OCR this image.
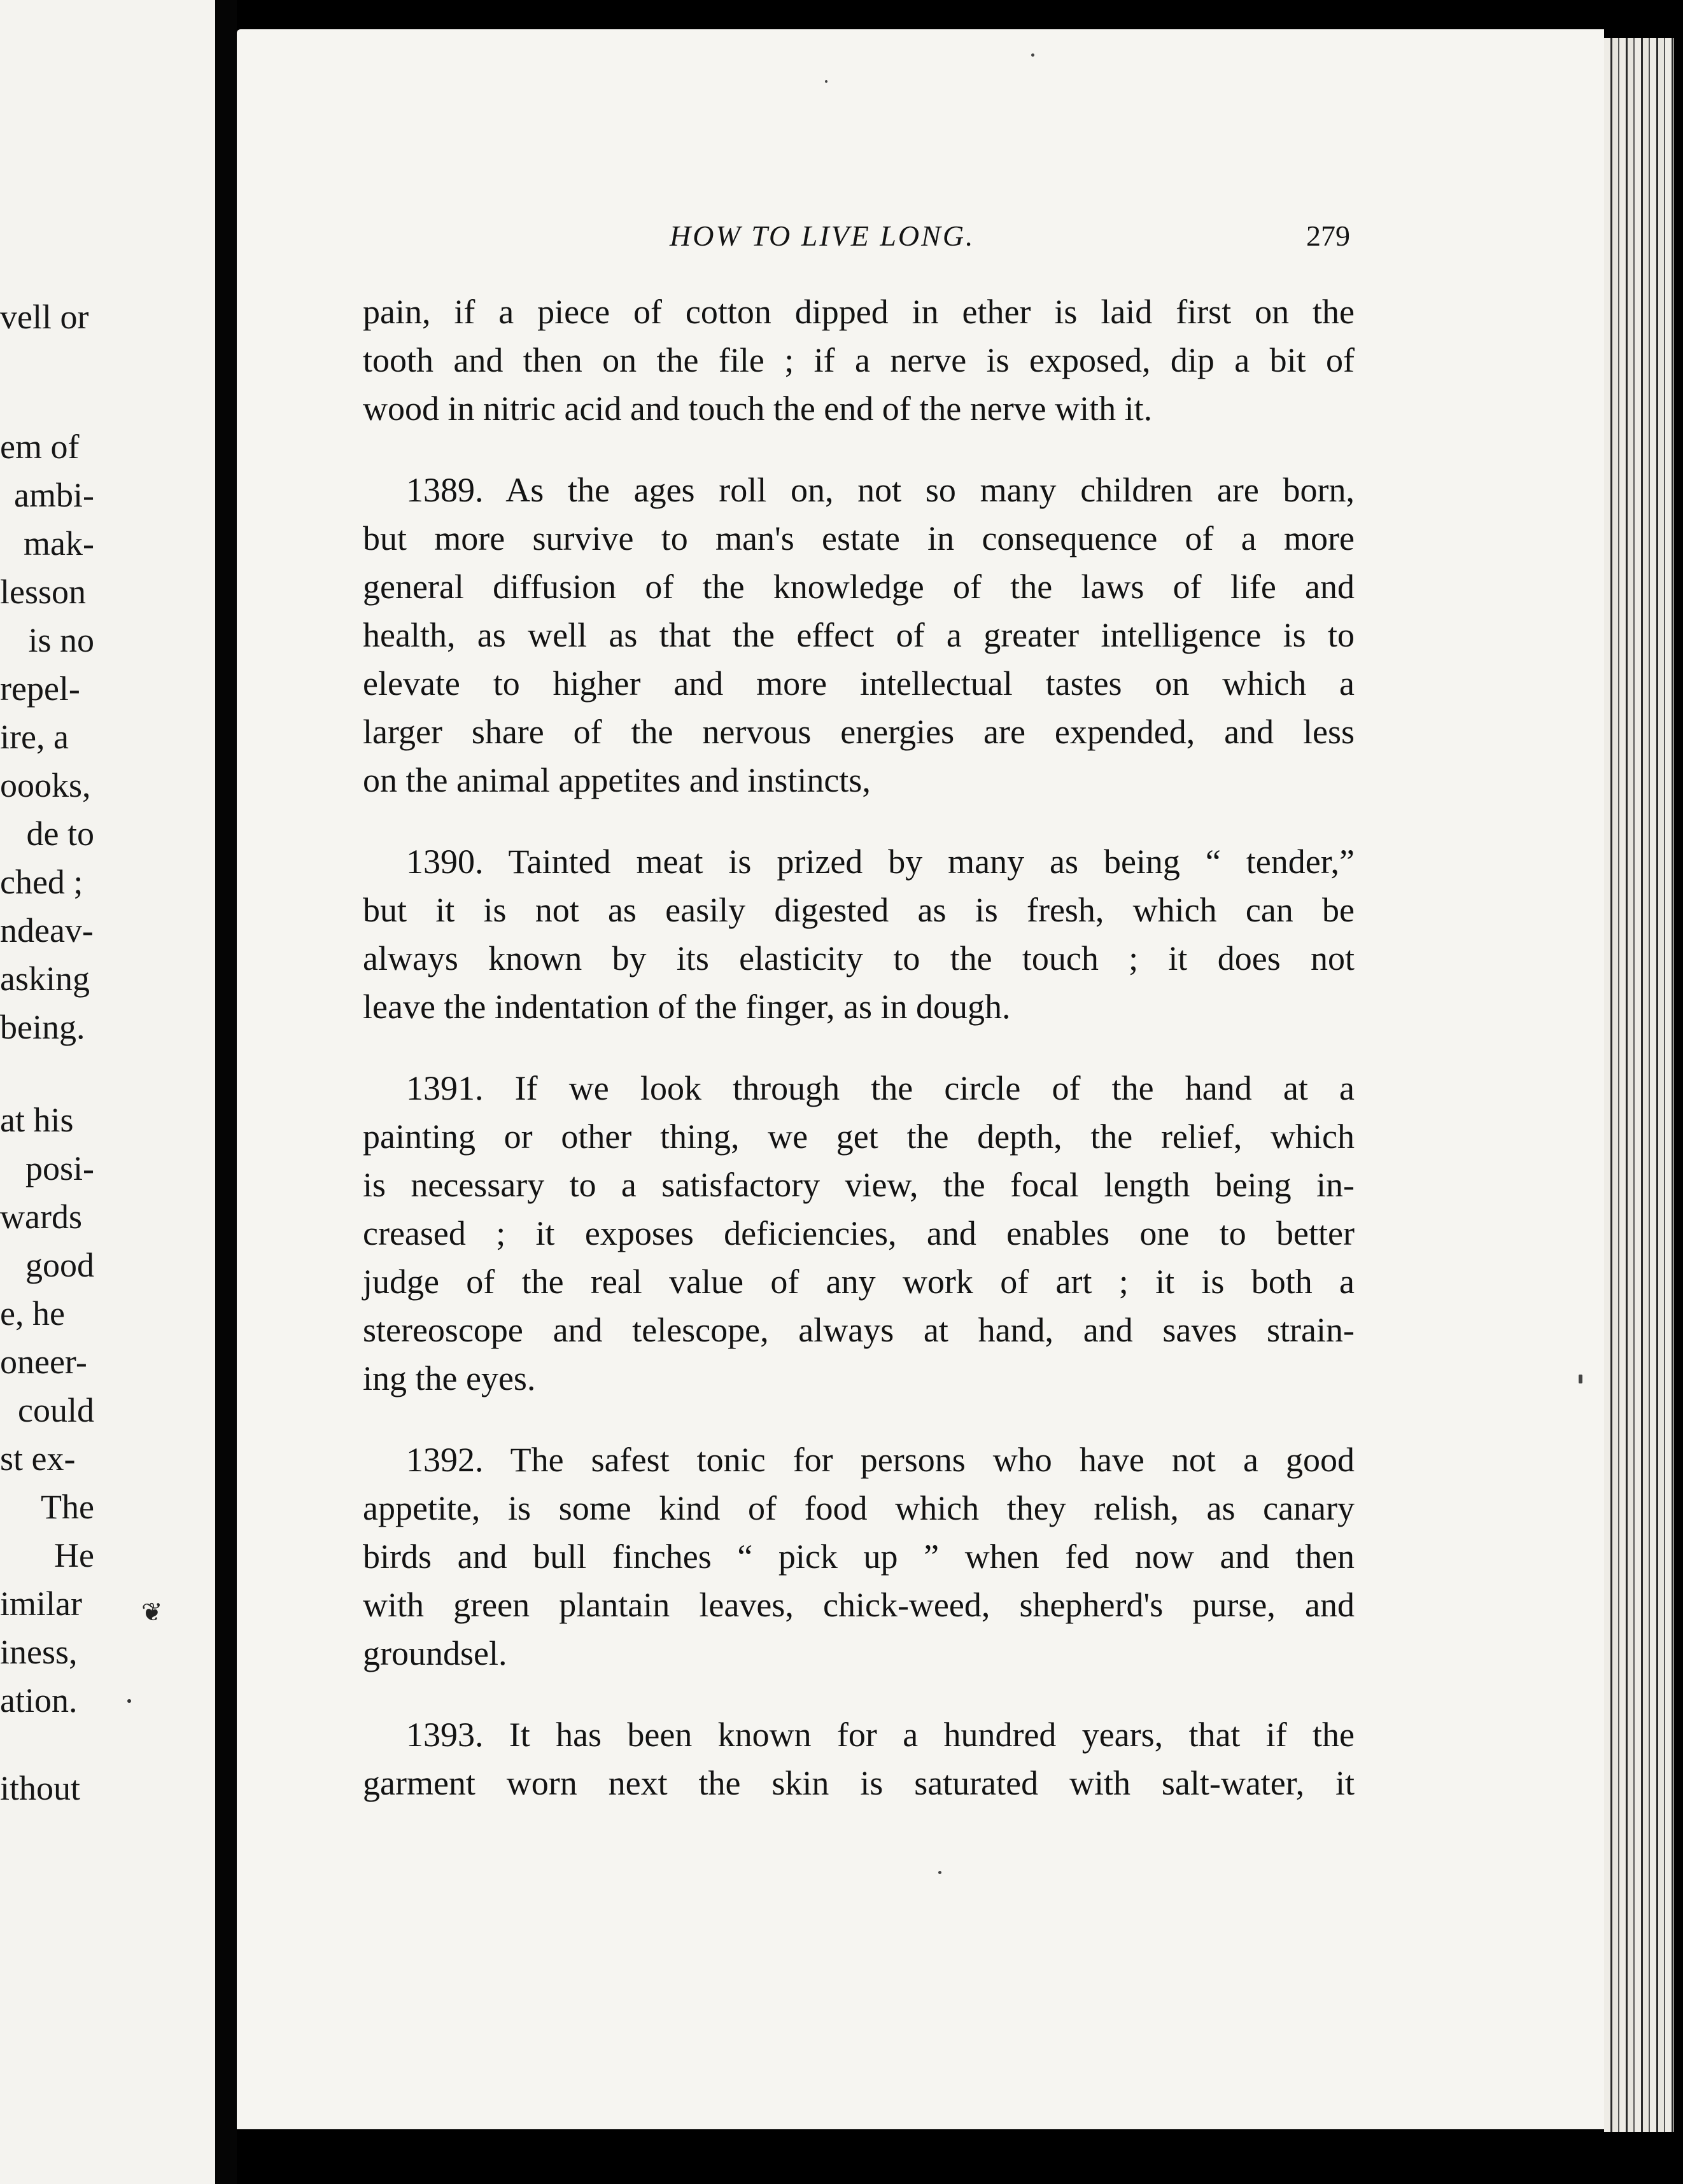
vell or
em of
ambi-
mak-
lesson
is no
repel-
ire, a
oooks,
de to
ched ;
ndeav-
asking
being.
at his
posi-
wards
good
e, he
oneer-
could
st ex-
The
He
imilar
iness,
ation.
ithout
❦
HOW TO LIVE LONG.	279
pain, if a piece of cotton dipped in ether is laid first on the
tooth and then on the file ; if a nerve is exposed, dip a bit of
wood in nitric acid and touch the end of the nerve with it.
1389. As the ages roll on, not so many children are born,
but more survive to man's estate in consequence of a more
general diffusion of the knowledge of the laws of life and
health, as well as that the effect of a greater intelligence is to
elevate to higher and more intellectual tastes on which a
larger share of the nervous energies are expended, and less
on the animal appetites and instincts,
1390. Tainted meat is prized by many as being “ tender,”
but it is not as easily digested as is fresh, which can be
always known by its elasticity to the touch ; it does not
leave the indentation of the finger, as in dough.
1391. If we look through the circle of the hand at a
painting or other thing, we get the depth, the relief, which
is necessary to a satisfactory view, the focal length being in-
creased ; it exposes deficiencies, and enables one to better
judge of the real value of any work of art ; it is both a
stereoscope and telescope, always at hand, and saves strain-
ing the eyes.
1392. The safest tonic for persons who have not a good
appetite, is some kind of food which they relish, as canary
birds and bull finches “ pick up ” when fed now and then
with green plantain leaves, chick-weed, shepherd's purse, and
groundsel.
1393. It has been known for a hundred years, that if the
garment worn next the skin is saturated with salt-water, it
